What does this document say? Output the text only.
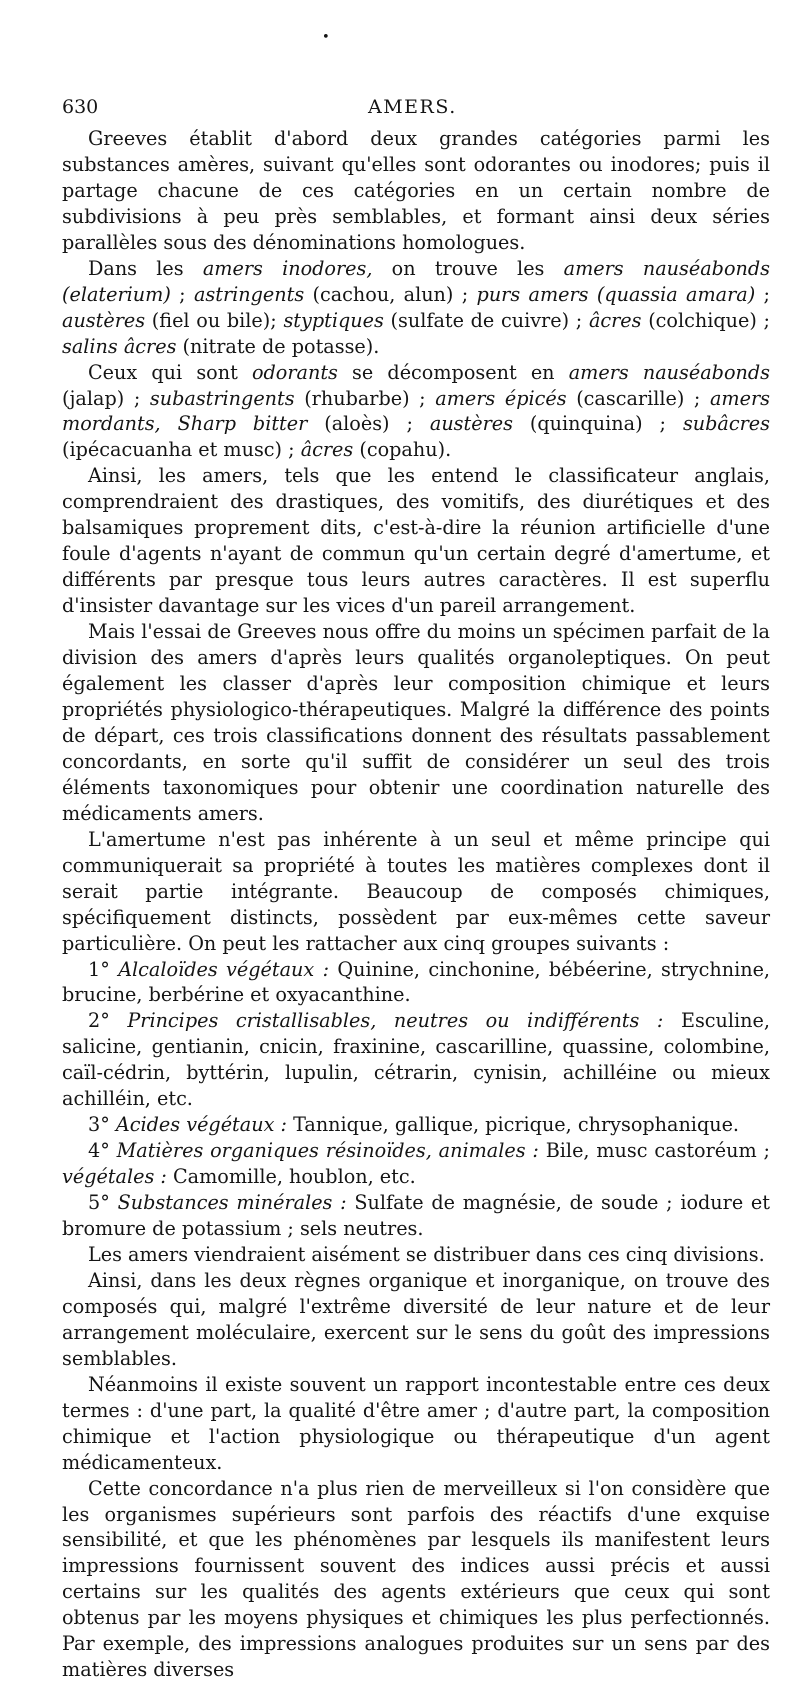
•
630	AMERS.

Greeves établit d'abord deux grandes catégories parmi les substances amères, suivant qu'elles sont odorantes ou inodores; puis il partage chacune de ces catégories en un certain nombre de subdivisions à peu près semblables, et formant ainsi deux séries parallèles sous des dénominations homologues.

Dans les amers inodores, on trouve les amers nauséabonds (elaterium) ; astringents (cachou, alun) ; purs amers (quassia amara) ; austères (fiel ou bile); styptiques (sulfate de cuivre) ; âcres (colchique) ; salins âcres (nitrate de potasse).

Ceux qui sont odorants se décomposent en amers nauséabonds (jalap) ; subastringents (rhubarbe) ; amers épicés (cascarille) ; amers mordants, Sharp bitter (aloès) ; austères (quinquina) ; subâcres (ipécacuanha et musc) ; âcres (copahu).

Ainsi, les amers, tels que les entend le classificateur anglais, comprendraient des drastiques, des vomitifs, des diurétiques et des balsamiques proprement dits, c'est-à-dire la réunion artificielle d'une foule d'agents n'ayant de commun qu'un certain degré d'amertume, et différents par presque tous leurs autres caractères. Il est superflu d'insister davantage sur les vices d'un pareil arrangement.

Mais l'essai de Greeves nous offre du moins un spécimen parfait de la division des amers d'après leurs qualités organoleptiques. On peut également les classer d'après leur composition chimique et leurs propriétés physiologico-thérapeutiques. Malgré la différence des points de départ, ces trois classifications donnent des résultats passablement concordants, en sorte qu'il suffit de considérer un seul des trois éléments taxonomiques pour obtenir une coordination naturelle des médicaments amers.

L'amertume n'est pas inhérente à un seul et même principe qui communiquerait sa propriété à toutes les matières complexes dont il serait partie intégrante. Beaucoup de composés chimiques, spécifiquement distincts, possèdent par eux-mêmes cette saveur particulière. On peut les rattacher aux cinq groupes suivants :

1° Alcaloïdes végétaux : Quinine, cinchonine, bébéerine, strychnine, brucine, berbérine et oxyacanthine.

2° Principes cristallisables, neutres ou indifférents : Esculine, salicine, gentianin, cnicin, fraxinine, cascarilline, quassine, colombine, caïl-cédrin, byttérin, lupulin, cétrarin, cynisin, achilléine ou mieux achilléin, etc.

3° Acides végétaux : Tannique, gallique, picrique, chrysophanique.

4° Matières organiques résinoïdes, animales : Bile, musc castoréum ; végétales : Camomille, houblon, etc.

5° Substances minérales : Sulfate de magnésie, de soude ; iodure et bromure de potassium ; sels neutres.

Les amers viendraient aisément se distribuer dans ces cinq divisions.

Ainsi, dans les deux règnes organique et inorganique, on trouve des composés qui, malgré l'extrême diversité de leur nature et de leur arrangement moléculaire, exercent sur le sens du goût des impressions semblables.

Néanmoins il existe souvent un rapport incontestable entre ces deux termes : d'une part, la qualité d'être amer ; d'autre part, la composition chimique et l'action physiologique ou thérapeutique d'un agent médicamenteux.

Cette concordance n'a plus rien de merveilleux si l'on considère que les organismes supérieurs sont parfois des réactifs d'une exquise sensibilité, et que les phénomènes par lesquels ils manifestent leurs impressions fournissent souvent des indices aussi précis et aussi certains sur les qualités des agents extérieurs que ceux qui sont obtenus par les moyens physiques et chimiques les plus perfectionnés. Par exemple, des impressions analogues produites sur un sens par des matières diverses
